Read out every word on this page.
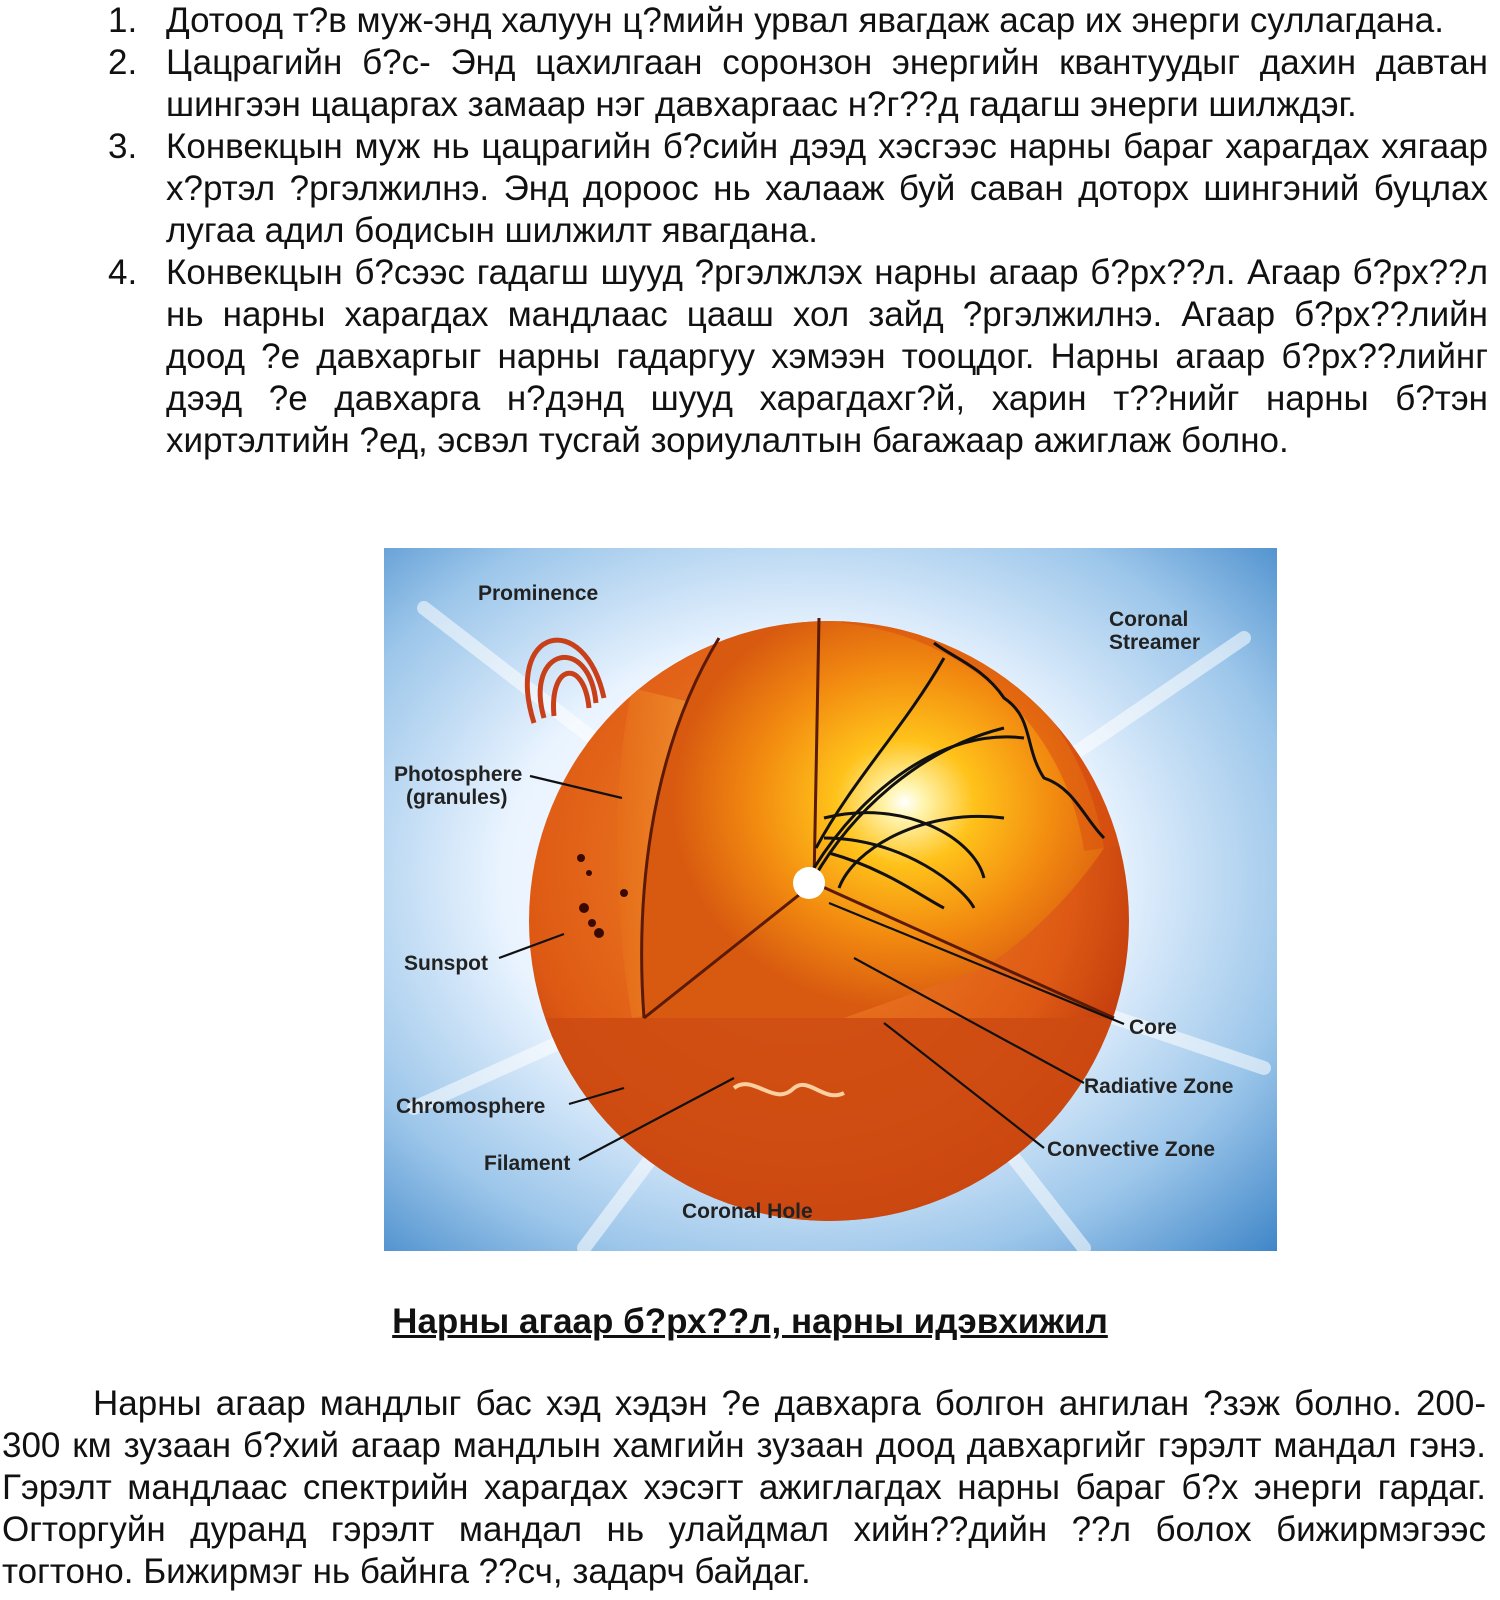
1. Дотоод т?в муж-энд халуун ц?мийн урвал явагдаж асар их энерги суллагдана.
2. Цацрагийн б?с- Энд цахилгаан соронзон энергийн квантуудыг дахин давтан шингээн цацаргах замаар нэг давхаргаас н?г??д гадагш энерги шилждэг.
3. Конвекцын муж нь цацрагийн б?сийн дээд хэсгээс нарны бараг харагдах хягаар х?ртэл ?ргэлжилнэ. Энд дороос нь халааж буй саван доторх шингэний буцлах лугаа адил бодисын шилжилт явагдана.
4. Конвекцын б?сээс гадагш шууд ?ргэлжлэх нарны агаар б?рх??л. Агаар б?рх??л нь нарны харагдах мандлаас цааш хол зайд ?ргэлжилнэ. Агаар б?рх??лийн доод ?е давхаргыг нарны гадаргуу хэмээн тооцдог. Нарны агаар б?рх??лийнг дээд ?е давхарга н?дэнд шууд харагдахг?й, харин т??нийг нарны б?тэн хиртэлтийн ?ед, эсвэл тусгай зориулалтын багажаар ажиглаж болно.
Prominence
Coronal
Streamer
Photosphere
(granules)
Sunspot
Chromosphere
Filament
Core
Radiative Zone
Convective Zone
Coronal Hole
Нарны агаар б?рх??л, нарны идэвхижил

Нарны агаар мандлыг бас хэд хэдэн ?е давхарга болгон ангилан ?зэж болно. 200-300 км зузаан б?хий агаар мандлын хамгийн зузаан доод давхаргийг гэрэлт мандал гэнэ. Гэрэлт мандлаас спектрийн харагдах хэсэгт ажиглагдах нарны бараг б?х энерги гардаг. Огторгуйн дуранд гэрэлт мандал нь улайдмал хийн??дийн ??л болох бижирмэгээс тогтоно. Бижирмэг нь байнга ??сч, задарч байдаг.
